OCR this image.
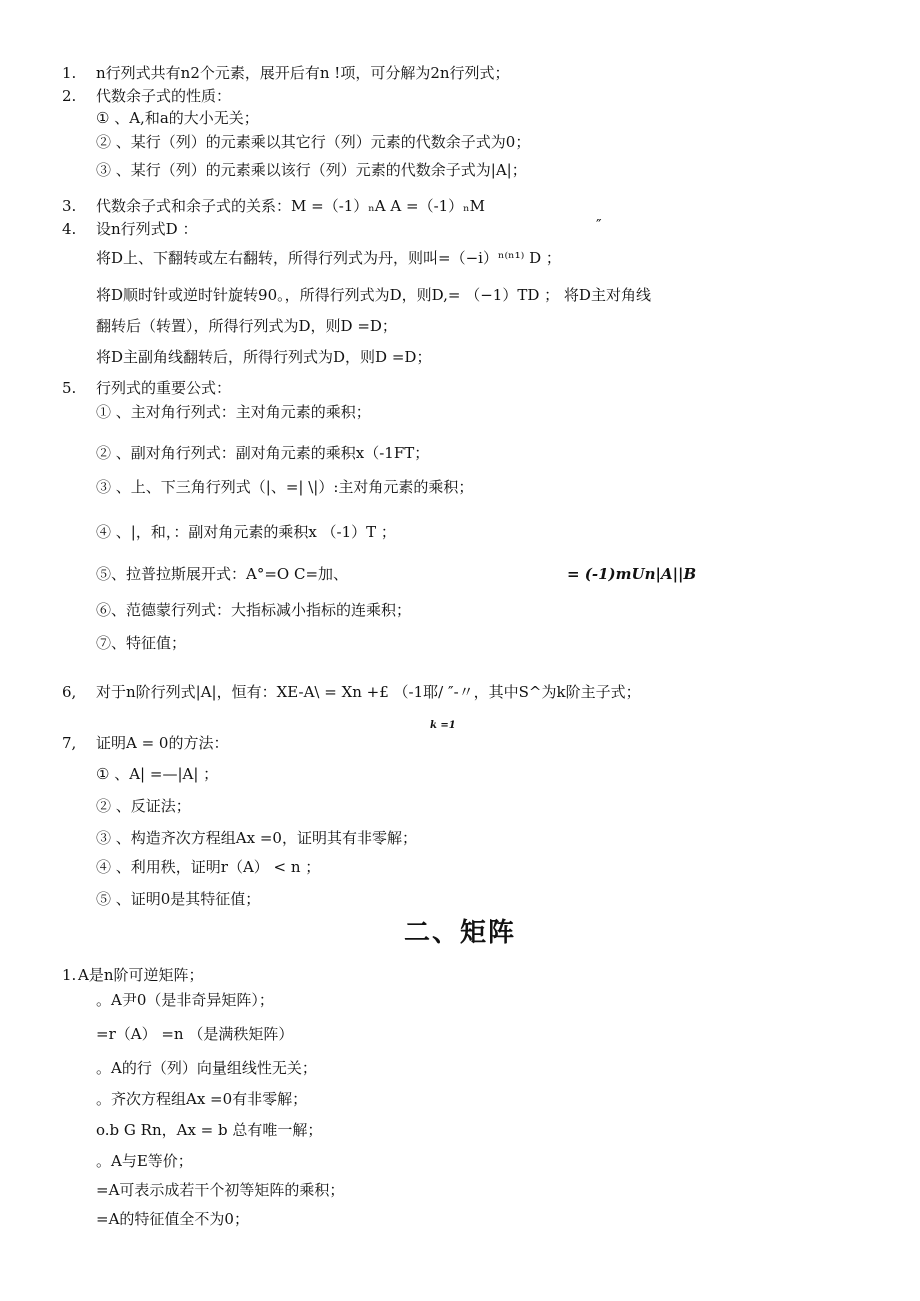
1.	n行列式共有n2个元素，展开后有n !项，可分解为2n行列式；
2.	代数余子式的性质：
① 、A,和a的大小无关；
② 、某行（列）的元素乘以其它行（列）元素的代数余子式为0；
③ 、某行（列）的元素乘以该行（列）元素的代数余子式为|A|；
3.	代数余子式和余子式的关系：M =（-1）ₙA A =（-1）ₙM
4.	设n行列式D ：	″
将D上、下翻转或左右翻转，所得行列式为丹，则叫=（−i）ⁿ⁽ⁿ¹⁾ D ；
将D顺时针或逆时针旋转90。，所得行列式为D，则D,= （−1）TD ； 将D主对角线
翻转后（转置），所得行列式为D，则D =D；
将D主副角线翻转后，所得行列式为D，则D =D；
5.	行列式的重要公式：
① 、主对角行列式：主对角元素的乘积；
② 、副对角行列式：副对角元素的乘积x（-1FT；
③ 、上、下三角行列式（|、=| \|）:主对角元素的乘积；
④ 、|，和，：副对角元素的乘积x （-1）T ；
⑤、拉普拉斯展开式：A°=O C=加、	= (-1)mUn|A||B
⑥、范德蒙行列式：大指标减小指标的连乘积；
⑦、特征值；
6,	对于n阶行列式|A|，恒有：XE-A\ = Xn +£ （-1耶/ ″-〃，其中S^为k阶主子式；
k =1
7,	证明A = 0的方法：
① 、A| =—|A| ；
② 、反证法；
③ 、构造齐次方程组Ax =0，证明其有非零解；
④ 、利用秩，证明r（A） < n ；
⑤ 、证明0是其特征值；
二、矩阵
1. A是n阶可逆矩阵；
。A尹0（是非奇异矩阵）；
=r（A） =n （是满秩矩阵）
。A的行（列）向量组线性无关；
。齐次方程组Ax =0有非零解；
o.b G Rn，Ax = b 总有唯一解；
。A与E等价；
=A可表示成若干个初等矩阵的乘积；
=A的特征值全不为0；
